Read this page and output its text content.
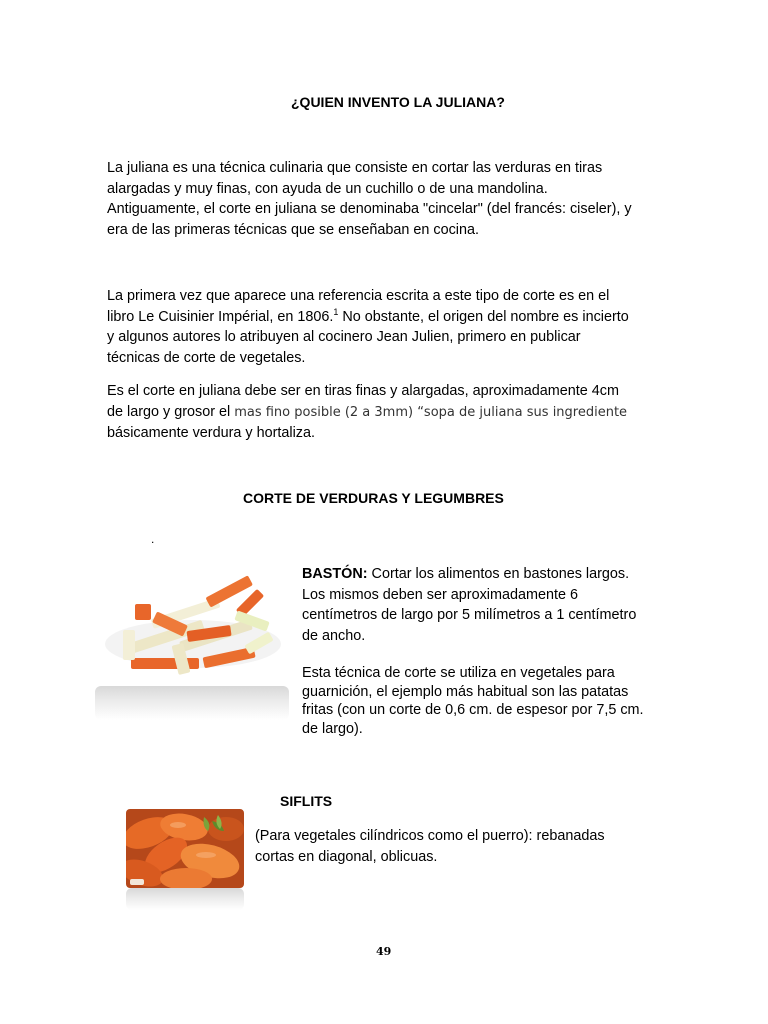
¿QUIEN INVENTO LA JULIANA?

La juliana es una técnica culinaria que consiste en cortar las verduras en tiras

alargadas y muy finas, con ayuda de un cuchillo o de una mandolina.

Antiguamente, el corte en juliana se denominaba "cincelar" (del francés: ciseler), y

era de las primeras técnicas que se enseñaban en cocina.

La primera vez que aparece una referencia escrita a este tipo de corte es en el

libro Le Cuisinier Impérial, en 1806.$^1$ No obstante, el origen del nombre es incierto

y algunos autores lo atribuyen al cocinero Jean Julien, primero en publicar

técnicas de corte de vegetales.

Es el corte en juliana debe ser en tiras finas y alargadas, aproximadamente 4cm

de largo y grosor el mas fino posible (2 a 3mm) “sopa de juliana sus ingrediente

básicamente verdura y hortaliza.

CORTE DE VERDURAS Y LEGUMBRES
.

BASTÓN: Cortar los alimentos en bastones largos.

Los mismos deben ser aproximadamente 6

centímetros de largo por 5 milímetros a 1 centímetro

de ancho.

Esta técnica de corte se utiliza en vegetales para

guarnición, el ejemplo más habitual son las patatas

fritas (con un corte de 0,6 cm. de espesor por 7,5 cm.

de largo).

SIFLITS

(Para vegetales cilíndricos como el puerro): rebanadas

cortas en diagonal, oblicuas.

49
